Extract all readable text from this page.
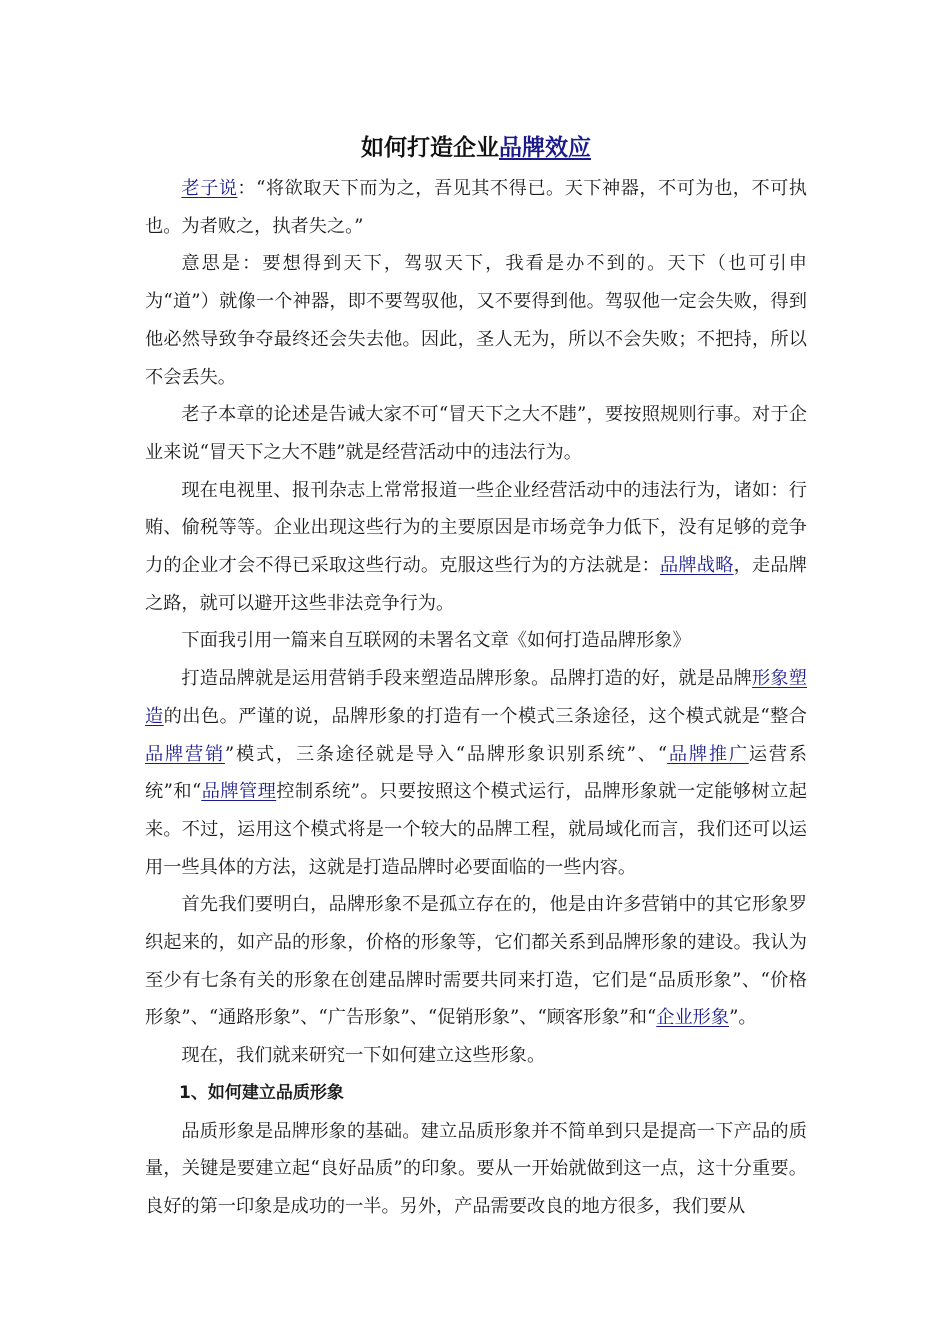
如何打造企业品牌效应

老子说：“将欲取天下而为之，吾见其不得已。天下神器，不可为也，不可执也。为者败之，执者失之。”

意思是：要想得到天下，驾驭天下，我看是办不到的。天下（也可引申为“道”）就像一个神器，即不要驾驭他，又不要得到他。驾驭他一定会失败，得到他必然导致争夺最终还会失去他。因此，圣人无为，所以不会失败；不把持，所以不会丢失。

老子本章的论述是告诫大家不可“冒天下之大不韪”，要按照规则行事。对于企业来说“冒天下之大不韪”就是经营活动中的违法行为。

现在电视里、报刊杂志上常常报道一些企业经营活动中的违法行为，诸如：行贿、偷税等等。企业出现这些行为的主要原因是市场竞争力低下，没有足够的竞争力的企业才会不得已采取这些行动。克服这些行为的方法就是：品牌战略，走品牌之路，就可以避开这些非法竞争行为。

下面我引用一篇来自互联网的未署名文章《如何打造品牌形象》

打造品牌就是运用营销手段来塑造品牌形象。品牌打造的好，就是品牌形象塑造的出色。严谨的说，品牌形象的打造有一个模式三条途径，这个模式就是“整合品牌营销”模式，三条途径就是导入“品牌形象识别系统”、“品牌推广运营系统”和“品牌管理控制系统”。只要按照这个模式运行，品牌形象就一定能够树立起来。不过，运用这个模式将是一个较大的品牌工程，就局域化而言，我们还可以运用一些具体的方法，这就是打造品牌时必要面临的一些内容。

首先我们要明白，品牌形象不是孤立存在的，他是由许多营销中的其它形象罗织起来的，如产品的形象，价格的形象等，它们都关系到品牌形象的建设。我认为至少有七条有关的形象在创建品牌时需要共同来打造，它们是“品质形象”、“价格形象”、“通路形象”、“广告形象”、“促销形象”、“顾客形象”和“企业形象”。

现在，我们就来研究一下如何建立这些形象。

1、如何建立品质形象

品质形象是品牌形象的基础。建立品质形象并不简单到只是提高一下产品的质量，关键是要建立起“良好品质”的印象。要从一开始就做到这一点，这十分重要。良好的第一印象是成功的一半。另外，产品需要改良的地方很多，我们要从
